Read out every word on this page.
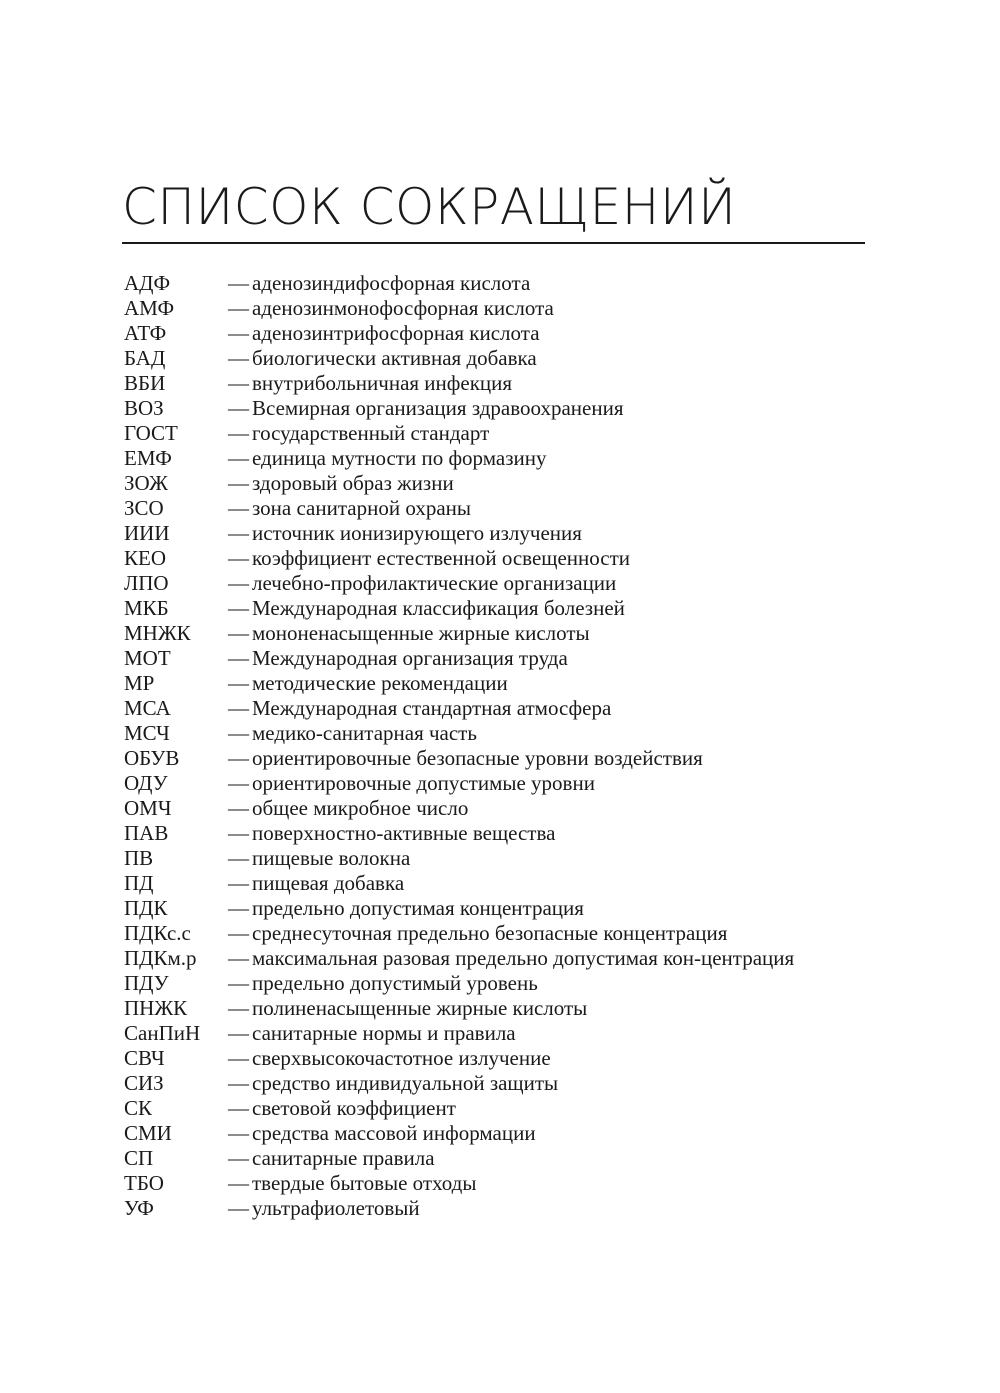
СПИСОК СОКРАЩЕНИЙ
АДФ	— аденозиндифосфорная кислота
АМФ	— аденозинмонофосфорная кислота
АТФ	— аденозинтрифосфорная кислота
БАД	— биологически активная добавка
ВБИ	— внутрибольничная инфекция
ВОЗ	— Всемирная организация здравоохранения
ГОСТ	— государственный стандарт
ЕМФ	— единица мутности по формазину
ЗОЖ	— здоровый образ жизни
ЗСО	— зона санитарной охраны
ИИИ	— источник ионизирующего излучения
КЕО	— коэффициент естественной освещенности
ЛПО	— лечебно-профилактические организации
МКБ	— Международная классификация болезней
МНЖК	— мононенасыщенные жирные кислоты
МОТ	— Международная организация труда
МР	— методические рекомендации
МСА	— Международная стандартная атмосфера
МСЧ	— медико-санитарная часть
ОБУВ	— ориентировочные безопасные уровни воздействия
ОДУ	— ориентировочные допустимые уровни
ОМЧ	— общее микробное число
ПАВ	— поверхностно-активные вещества
ПВ	— пищевые волокна
ПД	— пищевая добавка
ПДК	— предельно допустимая концентрация
ПДКс.с	— среднесуточная предельно безопасные концентрация
ПДКм.р	— максимальная разовая предельно допустимая кон-центрация
ПДУ	— предельно допустимый уровень
ПНЖК	— полиненасыщенные жирные кислоты
СанПиН	— санитарные нормы и правила
СВЧ	— сверхвысокочастотное излучение
СИЗ	— средство индивидуальной защиты
СК	— световой коэффициент
СМИ	— средства массовой информации
СП	— санитарные правила
ТБО	— твердые бытовые отходы
УФ	— ультрафиолетовый
